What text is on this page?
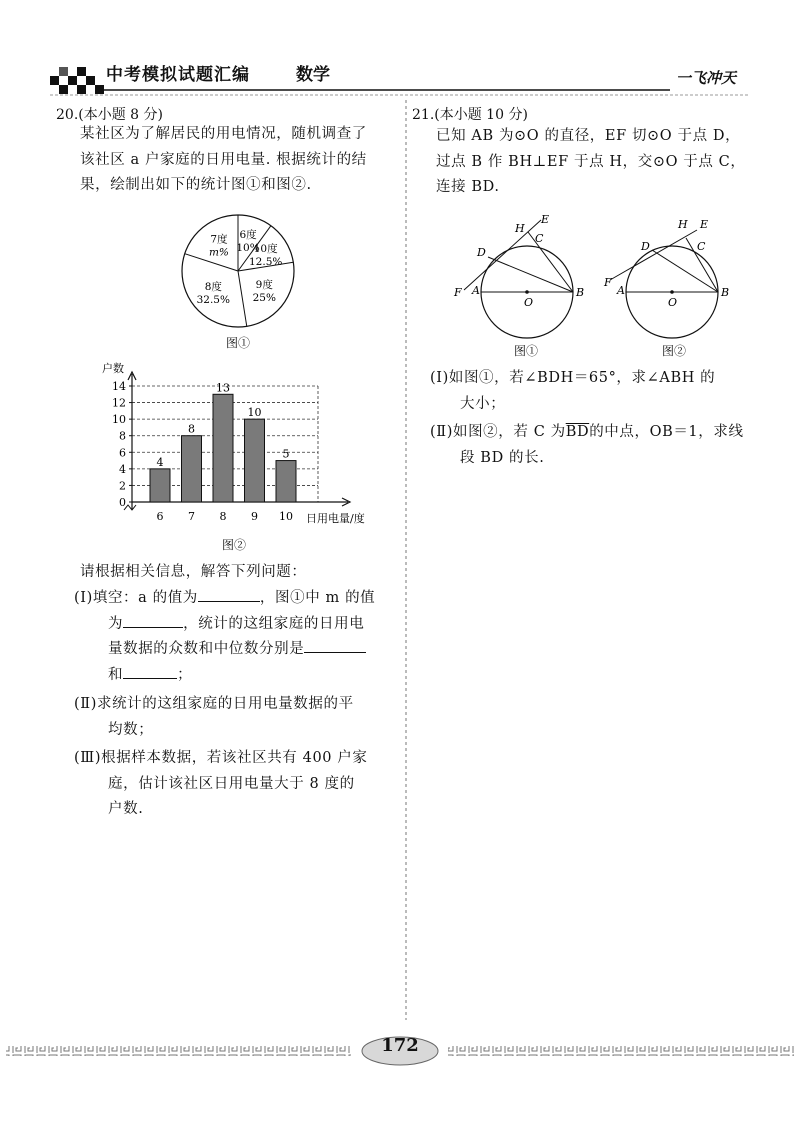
中考模拟试题汇编	数学	一飞冲天
20.(本小题 8 分)
某社区为了解居民的用电情况，随机调查了
该社区 a 户家庭的日用电量. 根据统计的结
果，绘制出如下的统计图①和图②.
6度
10%
10度
12.5%
9度
25%
8度
32.5%
7度
m%
图①
0
2
4
6
8
10
12
14
户数
日用电量/度
4
6
8
7
13
8
10
9
5
10
图②
请根据相关信息，解答下列问题：
(Ⅰ)填空：a 的值为	，图①中 m 的值
为	，统计的这组家庭的日用电
量数据的众数和中位数分别是
和	；
(Ⅱ)求统计的这组家庭的日用电量数据的平
均数；
(Ⅲ)根据样本数据，若该社区共有 400 户家
庭，估计该社区日用电量大于 8 度的
户数.
21.(本小题 10 分)
已知 AB 为⊙O 的直径，EF 切⊙O 于点 D，
过点 B 作 BH⊥EF 于点 H，交⊙O 于点 C，
连接 BD.
A	B
O
D
C
H
E
F
图①
A	B
O
D	C
H E
F
图②
(Ⅰ)如图①，若∠BDH＝65°，求∠ABH 的
大小；
(Ⅱ)如图②，若 C 为$\overline{BD}$的中点，OB＝1，求线
段 BD 的长.
172
